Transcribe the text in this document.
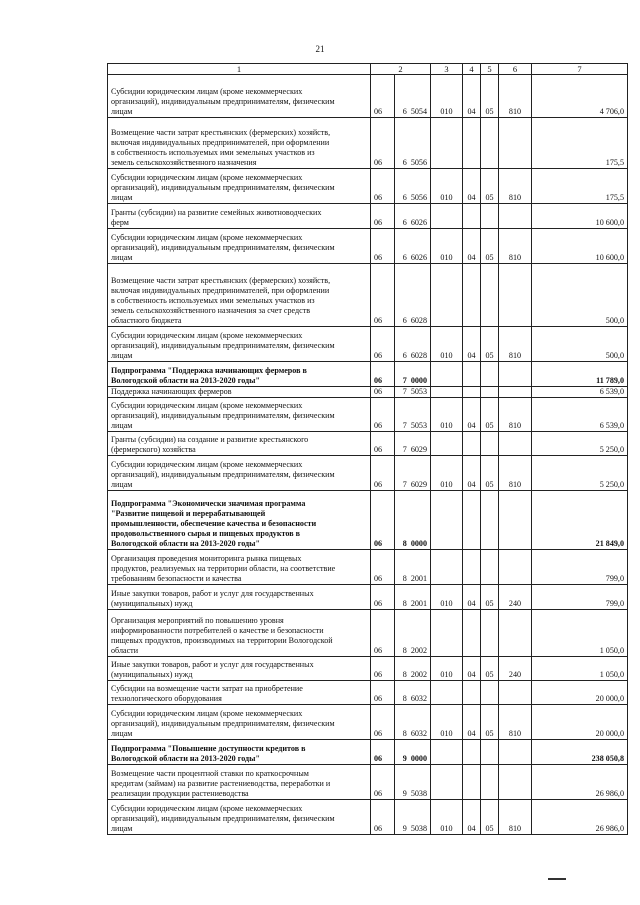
21
1	2		3	4	5	6	7
Субсидии юридическим лицам (кроме некоммерческих
организаций), индивидуальным предпринимателям, физическим
лицам	06	6 5054	010	04	05	810	4 706,0
Возмещение части затрат крестьянских (фермерских) хозяйств,
включая индивидуальных предпринимателей, при оформлении
в собственность используемых ими земельных участков из
земель сельскохозяйственного назначения	06	6 5056					175,5
Субсидии юридическим лицам (кроме некоммерческих
организаций), индивидуальным предпринимателям, физическим
лицам	06	6 5056	010	04	05	810	175,5
Гранты (субсидии) на развитие семейных животноводческих
ферм	06	6 6026					10 600,0
Субсидии юридическим лицам (кроме некоммерческих
организаций), индивидуальным предпринимателям, физическим
лицам	06	6 6026	010	04	05	810	10 600,0
Возмещение части затрат крестьянских (фермерских) хозяйств,
включая индивидуальных предпринимателей, при оформлении
в собственность используемых ими земельных участков из
земель сельскохозяйственного назначения за счет средств
областного бюджета	06	6 6028					500,0
Субсидии юридическим лицам (кроме некоммерческих
организаций), индивидуальным предпринимателям, физическим
лицам	06	6 6028	010	04	05	810	500,0
Подпрограмма "Поддержка начинающих фермеров в
Вологодской области на 2013-2020 годы"	06	7 0000					11 789,0
Поддержка начинающих фермеров	06	7 5053					6 539,0
Субсидии юридическим лицам (кроме некоммерческих
организаций), индивидуальным предпринимателям, физическим
лицам	06	7 5053	010	04	05	810	6 539,0
Гранты (субсидии) на создание и развитие крестьянского
(фермерского) хозяйства	06	7 6029					5 250,0
Субсидии юридическим лицам (кроме некоммерческих
организаций), индивидуальным предпринимателям, физическим
лицам	06	7 6029	010	04	05	810	5 250,0
Подпрограмма "Экономически значимая программа
"Развитие пищевой и перерабатывающей
промышленности, обеспечение качества и безопасности
продовольственного сырья и пищевых продуктов в
Вологодской области на 2013-2020 годы"	06	8 0000					21 849,0
Организация проведения мониторинга рынка пищевых
продуктов, реализуемых на территории области, на соответствие
требованиям безопасности и качества	06	8 2001					799,0
Иные закупки товаров, работ и услуг для государственных
(муниципальных) нужд	06	8 2001	010	04	05	240	799,0
Организация мероприятий по повышению уровня
информированности потребителей о качестве и безопасности
пищевых продуктов, производимых на территории Вологодской
области	06	8 2002					1 050,0
Иные закупки товаров, работ и услуг для государственных
(муниципальных) нужд	06	8 2002	010	04	05	240	1 050,0
Субсидии на возмещение части затрат на приобретение
технологического оборудования	06	8 6032					20 000,0
Субсидии юридическим лицам (кроме некоммерческих
организаций), индивидуальным предпринимателям, физическим
лицам	06	8 6032	010	04	05	810	20 000,0
Подпрограмма "Повышение доступности кредитов в
Вологодской области на 2013-2020 годы"	06	9 0000					238 050,8
Возмещение части процентной ставки по краткосрочным
кредитам (займам) на развитие растениеводства, переработки и
реализации продукции растениеводства	06	9 5038					26 986,0
Субсидии юридическим лицам (кроме некоммерческих
организаций), индивидуальным предпринимателям, физическим
лицам	06	9 5038	010	04	05	810	26 986,0
